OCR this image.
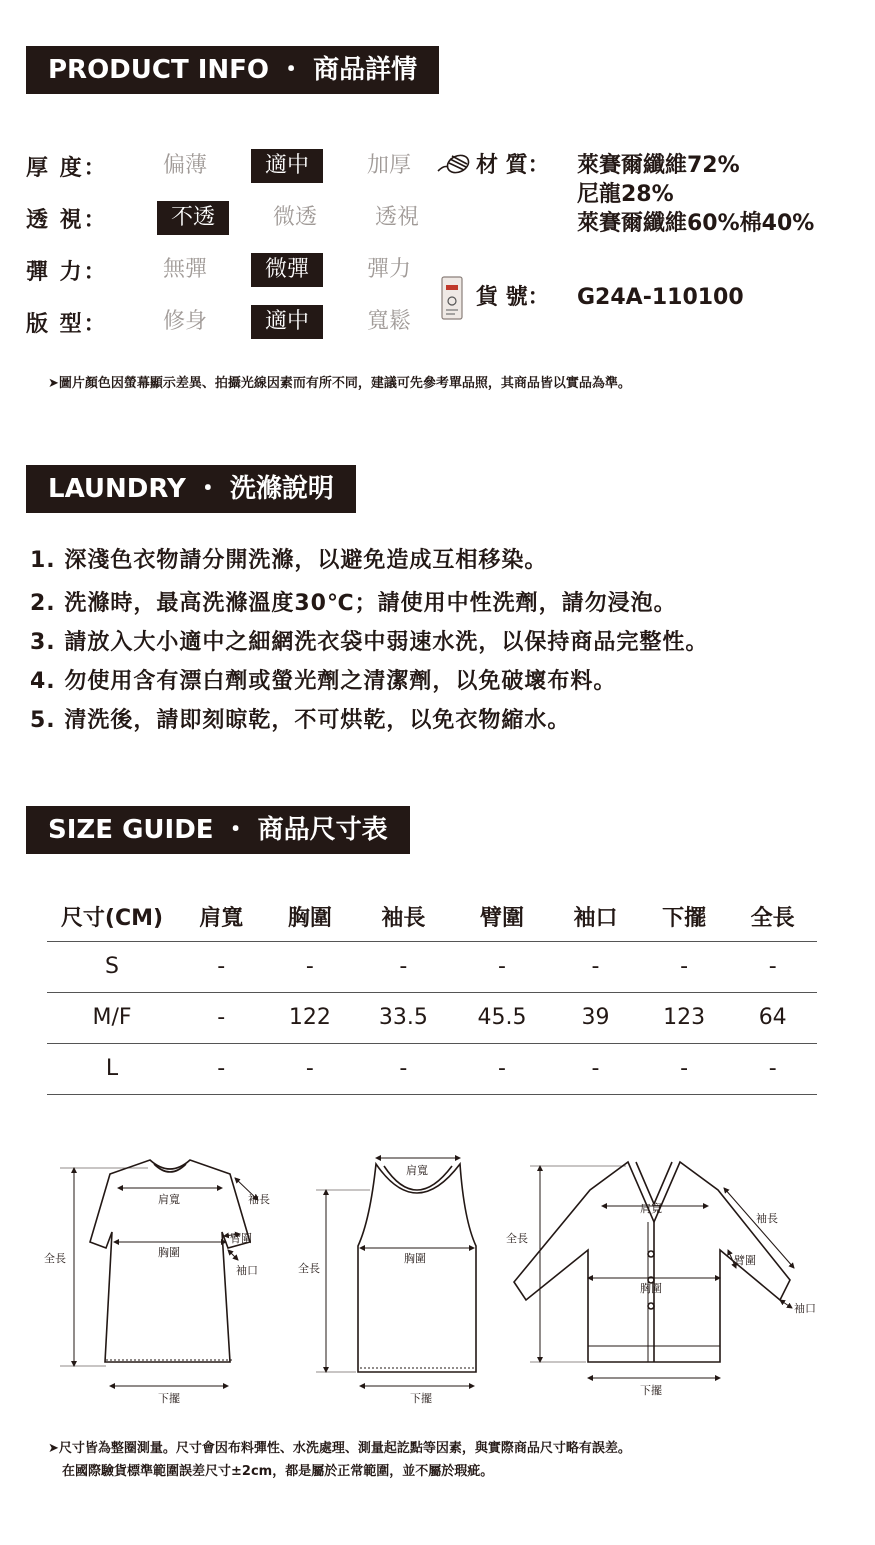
PRODUCT INFO ・ 商品詳情
厚 度：	偏薄	適中	加厚
透 視：	不透	微透	透視
彈 力：	無彈	微彈	彈力
版 型：	修身	適中	寬鬆
材 質： 萊賽爾纖維72%
尼龍28%
萊賽爾纖維60%棉40%
貨 號： G24A-110100
➤圖片顏色因螢幕顯示差異、拍攝光線因素而有所不同，建議可先參考單品照，其商品皆以實品為準。
LAUNDRY ・ 洗滌說明
1. 深淺色衣物請分開洗滌，以避免造成互相移染。
2. 洗滌時，最高洗滌溫度30℃；請使用中性洗劑，請勿浸泡。
3. 請放入大小適中之細網洗衣袋中弱速水洗，以保持商品完整性。
4. 勿使用含有漂白劑或螢光劑之清潔劑，以免破壞布料。
5. 清洗後，請即刻晾乾，不可烘乾，以免衣物縮水。
SIZE GUIDE ・ 商品尺寸表
尺寸(CM)	肩寬	胸圍	袖長	臂圍	袖口	下擺	全長
S	-	-	-	-	-	-	-
M/F	-	122	33.5	45.5	39	123	64
L	-	-	-	-	-	-	-
肩寬
胸圍
袖長
臂圍
袖口
全長
下擺
肩寬
胸圍
全長
下擺
肩寬
胸圍
袖長
臂圍
袖口
全長
下擺
➤尺寸皆為整圈測量。尺寸會因布料彈性、水洗處理、測量起訖點等因素，與實際商品尺寸略有誤差。
在國際驗貨標準範圍誤差尺寸±2cm，都是屬於正常範圍，並不屬於瑕疵。
